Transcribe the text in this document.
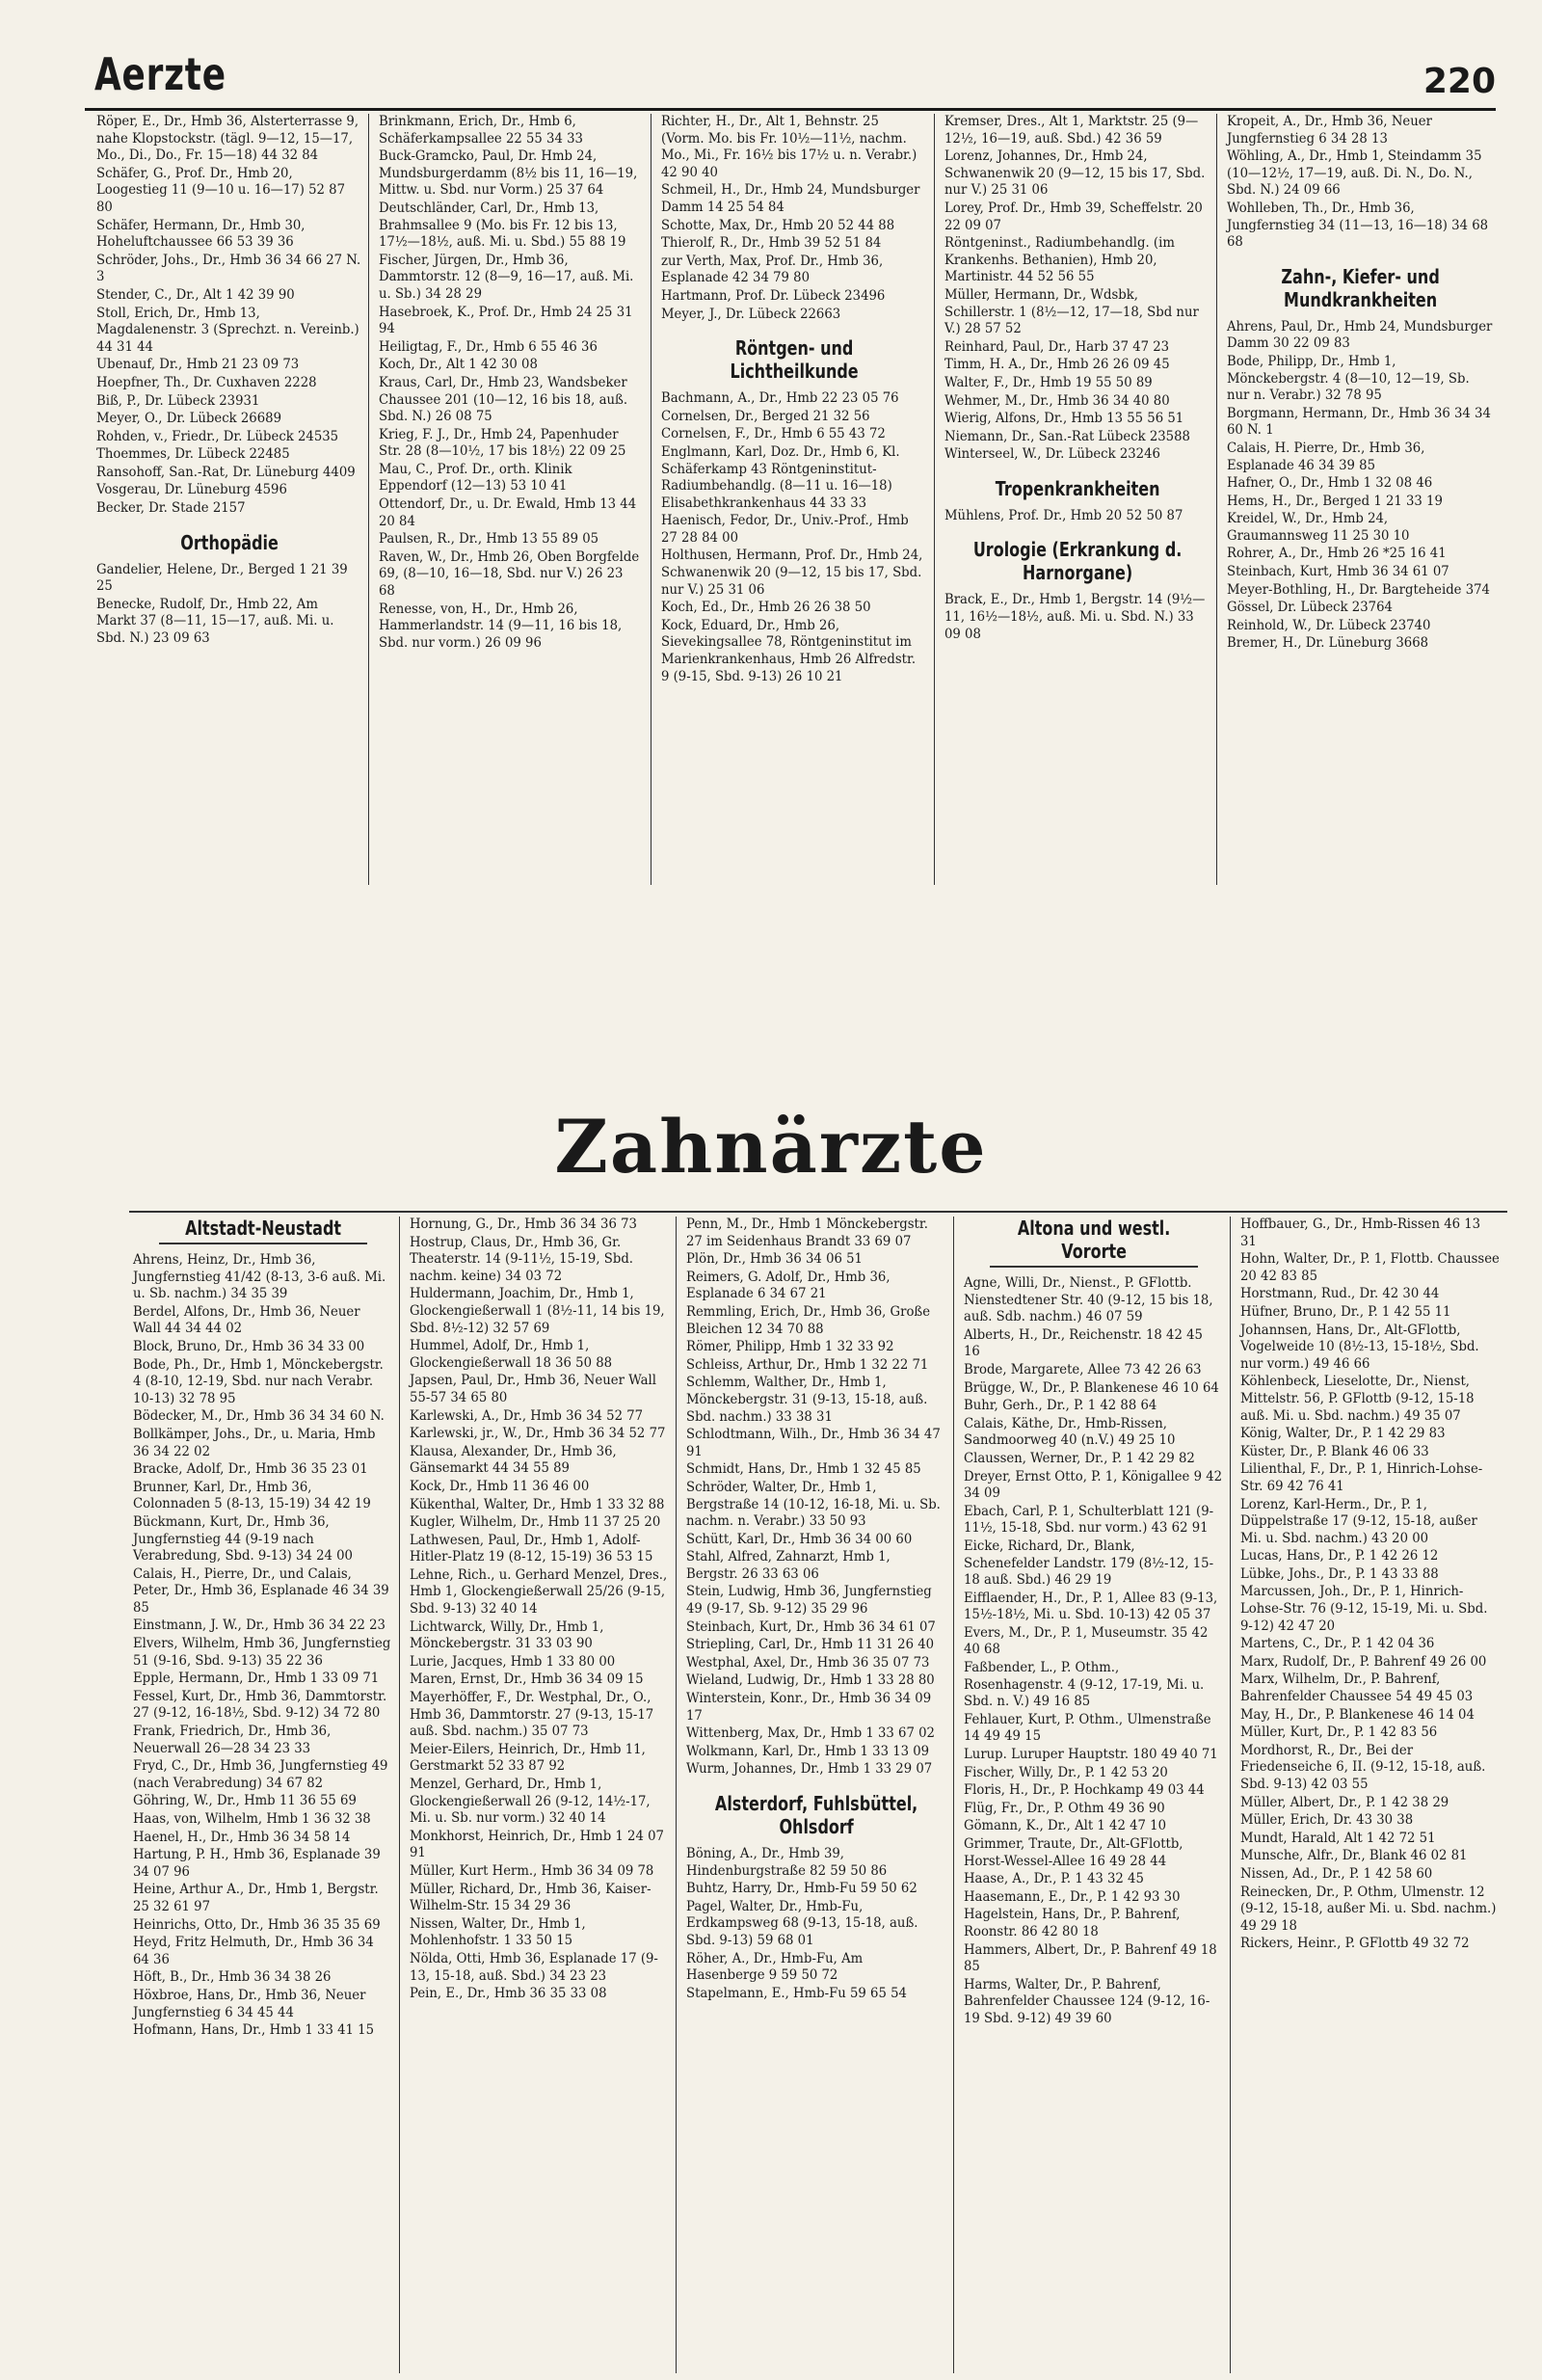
Aerzte	220
Röper, E., Dr., Hmb 36, Alsterterrasse 9, nahe Klopstockstr. (tägl. 9—12, 15—17, Mo., Di., Do., Fr. 15—18) 44 32 84
Schäfer, G., Prof. Dr., Hmb 20, Loogestieg 11 (9—10 u. 16—17) 52 87 80
Schäfer, Hermann, Dr., Hmb 30, Hoheluftchaussee 66 53 39 36
Schröder, Johs., Dr., Hmb 36 34 66 27 N. 3
Stender, C., Dr., Alt 1 42 39 90
Stoll, Erich, Dr., Hmb 13, Magdalenenstr. 3 (Sprechzt. n. Vereinb.) 44 31 44
Ubenauf, Dr., Hmb 21 23 09 73
Hoepfner, Th., Dr. Cuxhaven 2228
Biß, P., Dr. Lübeck 23931
Meyer, O., Dr. Lübeck 26689
Rohden, v., Friedr., Dr. Lübeck 24535
Thoemmes, Dr. Lübeck 22485
Ransohoff, San.-Rat, Dr. Lüneburg 4409
Vosgerau, Dr. Lüneburg 4596
Becker, Dr. Stade 2157
Orthopädie
Gandelier, Helene, Dr., Berged 1 21 39 25
Benecke, Rudolf, Dr., Hmb 22, Am Markt 37 (8—11, 15—17, auß. Mi. u. Sbd. N.) 23 09 63
Brinkmann, Erich, Dr., Hmb 6, Schäferkampsallee 22 55 34 33
Buck-Gramcko, Paul, Dr. Hmb 24, Mundsburgerdamm (8½ bis 11, 16—19, Mittw. u. Sbd. nur Vorm.) 25 37 64
Deutschländer, Carl, Dr., Hmb 13, Brahmsallee 9 (Mo. bis Fr. 12 bis 13, 17½—18½, auß. Mi. u. Sbd.) 55 88 19
Fischer, Jürgen, Dr., Hmb 36, Dammtorstr. 12 (8—9, 16—17, auß. Mi. u. Sb.) 34 28 29
Hasebroek, K., Prof. Dr., Hmb 24 25 31 94
Heiligtag, F., Dr., Hmb 6 55 46 36
Koch, Dr., Alt 1 42 30 08
Kraus, Carl, Dr., Hmb 23, Wandsbeker Chaussee 201 (10—12, 16 bis 18, auß. Sbd. N.) 26 08 75
Krieg, F. J., Dr., Hmb 24, Papenhuder Str. 28 (8—10½, 17 bis 18½) 22 09 25
Mau, C., Prof. Dr., orth. Klinik Eppendorf (12—13) 53 10 41
Ottendorf, Dr., u. Dr. Ewald, Hmb 13 44 20 84
Paulsen, R., Dr., Hmb 13 55 89 05
Raven, W., Dr., Hmb 26, Oben Borgfelde 69, (8—10, 16—18, Sbd. nur V.) 26 23 68
Renesse, von, H., Dr., Hmb 26, Hammerlandstr. 14 (9—11, 16 bis 18, Sbd. nur vorm.) 26 09 96
Richter, H., Dr., Alt 1, Behnstr. 25 (Vorm. Mo. bis Fr. 10½—11½, nachm. Mo., Mi., Fr. 16½ bis 17½ u. n. Verabr.) 42 90 40
Schmeil, H., Dr., Hmb 24, Mundsburger Damm 14 25 54 84
Schotte, Max, Dr., Hmb 20 52 44 88
Thierolf, R., Dr., Hmb 39 52 51 84
zur Verth, Max, Prof. Dr., Hmb 36, Esplanade 42 34 79 80
Hartmann, Prof. Dr. Lübeck 23496
Meyer, J., Dr. Lübeck 22663
Röntgen- und Lichtheilkunde
Bachmann, A., Dr., Hmb 22 23 05 76
Cornelsen, Dr., Berged 21 32 56
Cornelsen, F., Dr., Hmb 6 55 43 72
Englmann, Karl, Doz. Dr., Hmb 6, Kl. Schäferkamp 43 Röntgeninstitut-Radiumbehandlg. (8—11 u. 16—18) Elisabethkrankenhaus 44 33 33
Haenisch, Fedor, Dr., Univ.-Prof., Hmb 27 28 84 00
Holthusen, Hermann, Prof. Dr., Hmb 24, Schwanenwik 20 (9—12, 15 bis 17, Sbd. nur V.) 25 31 06
Koch, Ed., Dr., Hmb 26 26 38 50
Kock, Eduard, Dr., Hmb 26, Sievekingsallee 78, Röntgeninstitut im Marienkrankenhaus, Hmb 26 Alfredstr. 9 (9-15, Sbd. 9-13) 26 10 21
Kremser, Dres., Alt 1, Marktstr. 25 (9—12½, 16—19, auß. Sbd.) 42 36 59
Lorenz, Johannes, Dr., Hmb 24, Schwanenwik 20 (9—12, 15 bis 17, Sbd. nur V.) 25 31 06
Lorey, Prof. Dr., Hmb 39, Scheffelstr. 20 22 09 07
Röntgeninst., Radiumbehandlg. (im Krankenhs. Bethanien), Hmb 20, Martinistr. 44 52 56 55
Müller, Hermann, Dr., Wdsbk, Schillerstr. 1 (8½—12, 17—18, Sbd nur V.) 28 57 52
Reinhard, Paul, Dr., Harb 37 47 23
Timm, H. A., Dr., Hmb 26 26 09 45
Walter, F., Dr., Hmb 19 55 50 89
Wehmer, M., Dr., Hmb 36 34 40 80
Wierig, Alfons, Dr., Hmb 13 55 56 51
Niemann, Dr., San.-Rat Lübeck 23588
Winterseel, W., Dr. Lübeck 23246
Tropenkrankheiten
Mühlens, Prof. Dr., Hmb 20 52 50 87
Urologie (Erkrankung d. Harnorgane)
Brack, E., Dr., Hmb 1, Bergstr. 14 (9½—11, 16½—18½, auß. Mi. u. Sbd. N.) 33 09 08
Kropeit, A., Dr., Hmb 36, Neuer Jungfernstieg 6 34 28 13
Wöhling, A., Dr., Hmb 1, Steindamm 35 (10—12½, 17—19, auß. Di. N., Do. N., Sbd. N.) 24 09 66
Wohlleben, Th., Dr., Hmb 36, Jungfernstieg 34 (11—13, 16—18) 34 68 68
Zahn-, Kiefer- und Mundkrankheiten
Ahrens, Paul, Dr., Hmb 24, Mundsburger Damm 30 22 09 83
Bode, Philipp, Dr., Hmb 1, Mönckebergstr. 4 (8—10, 12—19, Sb. nur n. Verabr.) 32 78 95
Borgmann, Hermann, Dr., Hmb 36 34 34 60 N. 1
Calais, H. Pierre, Dr., Hmb 36, Esplanade 46 34 39 85
Hafner, O., Dr., Hmb 1 32 08 46
Hems, H., Dr., Berged 1 21 33 19
Kreidel, W., Dr., Hmb 24, Graumannsweg 11 25 30 10
Rohrer, A., Dr., Hmb 26 *25 16 41
Steinbach, Kurt, Hmb 36 34 61 07
Meyer-Bothling, H., Dr. Bargteheide 374
Gössel, Dr. Lübeck 23764
Reinhold, W., Dr. Lübeck 23740
Bremer, H., Dr. Lüneburg 3668
Zahnärzte
Altstadt-Neustadt
Ahrens, Heinz, Dr., Hmb 36, Jungfernstieg 41/42 (8-13, 3-6 auß. Mi. u. Sb. nachm.) 34 35 39
Berdel, Alfons, Dr., Hmb 36, Neuer Wall 44 34 44 02
Block, Bruno, Dr., Hmb 36 34 33 00
Bode, Ph., Dr., Hmb 1, Mönckebergstr. 4 (8-10, 12-19, Sbd. nur nach Verabr. 10-13) 32 78 95
Bödecker, M., Dr., Hmb 36 34 34 60 N.
Bollkämper, Johs., Dr., u. Maria, Hmb 36 34 22 02
Bracke, Adolf, Dr., Hmb 36 35 23 01
Brunner, Karl, Dr., Hmb 36, Colonnaden 5 (8-13, 15-19) 34 42 19
Bückmann, Kurt, Dr., Hmb 36, Jungfernstieg 44 (9-19 nach Verabredung, Sbd. 9-13) 34 24 00
Calais, H., Pierre, Dr., und Calais, Peter, Dr., Hmb 36, Esplanade 46 34 39 85
Einstmann, J. W., Dr., Hmb 36 34 22 23
Elvers, Wilhelm, Hmb 36, Jungfernstieg 51 (9-16, Sbd. 9-13) 35 22 36
Epple, Hermann, Dr., Hmb 1 33 09 71
Fessel, Kurt, Dr., Hmb 36, Dammtorstr. 27 (9-12, 16-18½, Sbd. 9-12) 34 72 80
Frank, Friedrich, Dr., Hmb 36, Neuerwall 26—28 34 23 33
Fryd, C., Dr., Hmb 36, Jungfernstieg 49 (nach Verabredung) 34 67 82
Göhring, W., Dr., Hmb 11 36 55 69
Haas, von, Wilhelm, Hmb 1 36 32 38
Haenel, H., Dr., Hmb 36 34 58 14
Hartung, P. H., Hmb 36, Esplanade 39 34 07 96
Heine, Arthur A., Dr., Hmb 1, Bergstr. 25 32 61 97
Heinrichs, Otto, Dr., Hmb 36 35 35 69
Heyd, Fritz Helmuth, Dr., Hmb 36 34 64 36
Höft, B., Dr., Hmb 36 34 38 26
Höxbroe, Hans, Dr., Hmb 36, Neuer Jungfernstieg 6 34 45 44
Hofmann, Hans, Dr., Hmb 1 33 41 15
Hornung, G., Dr., Hmb 36 34 36 73
Hostrup, Claus, Dr., Hmb 36, Gr. Theaterstr. 14 (9-11½, 15-19, Sbd. nachm. keine) 34 03 72
Huldermann, Joachim, Dr., Hmb 1, Glockengießerwall 1 (8½-11, 14 bis 19, Sbd. 8½-12) 32 57 69
Hummel, Adolf, Dr., Hmb 1, Glockengießerwall 18 36 50 88
Japsen, Paul, Dr., Hmb 36, Neuer Wall 55-57 34 65 80
Karlewski, A., Dr., Hmb 36 34 52 77
Karlewski, jr., W., Dr., Hmb 36 34 52 77
Klausa, Alexander, Dr., Hmb 36, Gänsemarkt 44 34 55 89
Kock, Dr., Hmb 11 36 46 00
Kükenthal, Walter, Dr., Hmb 1 33 32 88
Kugler, Wilhelm, Dr., Hmb 11 37 25 20
Lathwesen, Paul, Dr., Hmb 1, Adolf-Hitler-Platz 19 (8-12, 15-19) 36 53 15
Lehne, Rich., u. Gerhard Menzel, Dres., Hmb 1, Glockengießerwall 25/26 (9-15, Sbd. 9-13) 32 40 14
Lichtwarck, Willy, Dr., Hmb 1, Mönckebergstr. 31 33 03 90
Lurie, Jacques, Hmb 1 33 80 00
Maren, Ernst, Dr., Hmb 36 34 09 15
Mayerhöffer, F., Dr. Westphal, Dr., O., Hmb 36, Dammtorstr. 27 (9-13, 15-17 auß. Sbd. nachm.) 35 07 73
Meier-Eilers, Heinrich, Dr., Hmb 11, Gerstmarkt 52 33 87 92
Menzel, Gerhard, Dr., Hmb 1, Glockengießerwall 26 (9-12, 14½-17, Mi. u. Sb. nur vorm.) 32 40 14
Monkhorst, Heinrich, Dr., Hmb 1 24 07 91
Müller, Kurt Herm., Hmb 36 34 09 78
Müller, Richard, Dr., Hmb 36, Kaiser-Wilhelm-Str. 15 34 29 36
Nissen, Walter, Dr., Hmb 1, Mohlenhofstr. 1 33 50 15
Nölda, Otti, Hmb 36, Esplanade 17 (9-13, 15-18, auß. Sbd.) 34 23 23
Pein, E., Dr., Hmb 36 35 33 08
Penn, M., Dr., Hmb 1 Mönckebergstr. 27 im Seidenhaus Brandt 33 69 07
Plön, Dr., Hmb 36 34 06 51
Reimers, G. Adolf, Dr., Hmb 36, Esplanade 6 34 67 21
Remmling, Erich, Dr., Hmb 36, Große Bleichen 12 34 70 88
Römer, Philipp, Hmb 1 32 33 92
Schleiss, Arthur, Dr., Hmb 1 32 22 71
Schlemm, Walther, Dr., Hmb 1, Mönckebergstr. 31 (9-13, 15-18, auß. Sbd. nachm.) 33 38 31
Schlodtmann, Wilh., Dr., Hmb 36 34 47 91
Schmidt, Hans, Dr., Hmb 1 32 45 85
Schröder, Walter, Dr., Hmb 1, Bergstraße 14 (10-12, 16-18, Mi. u. Sb. nachm. n. Verabr.) 33 50 93
Schütt, Karl, Dr., Hmb 36 34 00 60
Stahl, Alfred, Zahnarzt, Hmb 1, Bergstr. 26 33 63 06
Stein, Ludwig, Hmb 36, Jungfernstieg 49 (9-17, Sb. 9-12) 35 29 96
Steinbach, Kurt, Dr., Hmb 36 34 61 07
Striepling, Carl, Dr., Hmb 11 31 26 40
Westphal, Axel, Dr., Hmb 36 35 07 73
Wieland, Ludwig, Dr., Hmb 1 33 28 80
Winterstein, Konr., Dr., Hmb 36 34 09 17
Wittenberg, Max, Dr., Hmb 1 33 67 02
Wolkmann, Karl, Dr., Hmb 1 33 13 09
Wurm, Johannes, Dr., Hmb 1 33 29 07
Alsterdorf, Fuhlsbüttel, Ohlsdorf
Böning, A., Dr., Hmb 39, Hindenburgstraße 82 59 50 86
Buhtz, Harry, Dr., Hmb-Fu 59 50 62
Pagel, Walter, Dr., Hmb-Fu, Erdkampsweg 68 (9-13, 15-18, auß. Sbd. 9-13) 59 68 01
Röher, A., Dr., Hmb-Fu, Am Hasenberge 9 59 50 72
Stapelmann, E., Hmb-Fu 59 65 54
Altona und westl. Vororte
Agne, Willi, Dr., Nienst., P. GFlottb. Nienstedtener Str. 40 (9-12, 15 bis 18, auß. Sdb. nachm.) 46 07 59
Alberts, H., Dr., Reichenstr. 18 42 45 16
Brode, Margarete, Allee 73 42 26 63
Brügge, W., Dr., P. Blankenese 46 10 64
Buhr, Gerh., Dr., P. 1 42 88 64
Calais, Käthe, Dr., Hmb-Rissen, Sandmoorweg 40 (n.V.) 49 25 10
Claussen, Werner, Dr., P. 1 42 29 82
Dreyer, Ernst Otto, P. 1, Königallee 9 42 34 09
Ebach, Carl, P. 1, Schulterblatt 121 (9-11½, 15-18, Sbd. nur vorm.) 43 62 91
Eicke, Richard, Dr., Blank, Schenefelder Landstr. 179 (8½-12, 15-18 auß. Sbd.) 46 29 19
Eifflaender, H., Dr., P. 1, Allee 83 (9-13, 15½-18½, Mi. u. Sbd. 10-13) 42 05 37
Evers, M., Dr., P. 1, Museumstr. 35 42 40 68
Faßbender, L., P. Othm., Rosenhagenstr. 4 (9-12, 17-19, Mi. u. Sbd. n. V.) 49 16 85
Fehlauer, Kurt, P. Othm., Ulmenstraße 14 49 49 15
Lurup. Luruper Hauptstr. 180 49 40 71
Fischer, Willy, Dr., P. 1 42 53 20
Floris, H., Dr., P. Hochkamp 49 03 44
Flüg, Fr., Dr., P. Othm 49 36 90
Gömann, K., Dr., Alt 1 42 47 10
Grimmer, Traute, Dr., Alt-GFlottb, Horst-Wessel-Allee 16 49 28 44
Haase, A., Dr., P. 1 43 32 45
Haasemann, E., Dr., P. 1 42 93 30
Hagelstein, Hans, Dr., P. Bahrenf, Roonstr. 86 42 80 18
Hammers, Albert, Dr., P. Bahrenf 49 18 85
Harms, Walter, Dr., P. Bahrenf, Bahrenfelder Chaussee 124 (9-12, 16-19 Sbd. 9-12) 49 39 60
Hoffbauer, G., Dr., Hmb-Rissen 46 13 31
Hohn, Walter, Dr., P. 1, Flottb. Chaussee 20 42 83 85
Horstmann, Rud., Dr. 42 30 44
Hüfner, Bruno, Dr., P. 1 42 55 11
Johannsen, Hans, Dr., Alt-GFlottb, Vogelweide 10 (8½-13, 15-18½, Sbd. nur vorm.) 49 46 66
Köhlenbeck, Lieselotte, Dr., Nienst, Mittelstr. 56, P. GFlottb (9-12, 15-18 auß. Mi. u. Sbd. nachm.) 49 35 07
König, Walter, Dr., P. 1 42 29 83
Küster, Dr., P. Blank 46 06 33
Lilienthal, F., Dr., P. 1, Hinrich-Lohse-Str. 69 42 76 41
Lorenz, Karl-Herm., Dr., P. 1, Düppelstraße 17 (9-12, 15-18, außer Mi. u. Sbd. nachm.) 43 20 00
Lucas, Hans, Dr., P. 1 42 26 12
Lübke, Johs., Dr., P. 1 43 33 88
Marcussen, Joh., Dr., P. 1, Hinrich-Lohse-Str. 76 (9-12, 15-19, Mi. u. Sbd. 9-12) 42 47 20
Martens, C., Dr., P. 1 42 04 36
Marx, Rudolf, Dr., P. Bahrenf 49 26 00
Marx, Wilhelm, Dr., P. Bahrenf, Bahrenfelder Chaussee 54 49 45 03
May, H., Dr., P. Blankenese 46 14 04
Müller, Kurt, Dr., P. 1 42 83 56
Mordhorst, R., Dr., Bei der Friedenseiche 6, II. (9-12, 15-18, auß. Sbd. 9-13) 42 03 55
Müller, Albert, Dr., P. 1 42 38 29
Müller, Erich, Dr. 43 30 38
Mundt, Harald, Alt 1 42 72 51
Munsche, Alfr., Dr., Blank 46 02 81
Nissen, Ad., Dr., P. 1 42 58 60
Reinecken, Dr., P. Othm, Ulmenstr. 12 (9-12, 15-18, außer Mi. u. Sbd. nachm.) 49 29 18
Rickers, Heinr., P. GFlottb 49 32 72
